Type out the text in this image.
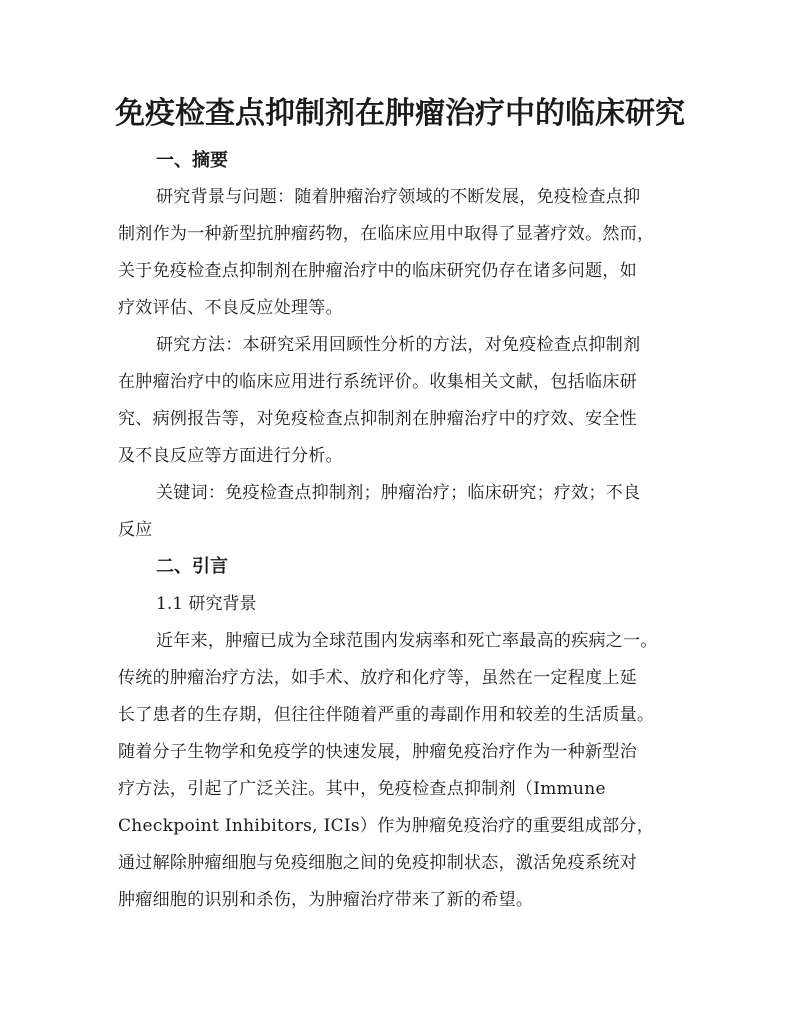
免疫检查点抑制剂在肿瘤治疗中的临床研究
一、摘要
研究背景与问题：随着肿瘤治疗领域的不断发展，免疫检查点抑
制剂作为一种新型抗肿瘤药物，在临床应用中取得了显著疗效。然而，
关于免疫检查点抑制剂在肿瘤治疗中的临床研究仍存在诸多问题，如
疗效评估、不良反应处理等。
研究方法：本研究采用回顾性分析的方法，对免疫检查点抑制剂
在肿瘤治疗中的临床应用进行系统评价。收集相关文献，包括临床研
究、病例报告等，对免疫检查点抑制剂在肿瘤治疗中的疗效、安全性
及不良反应等方面进行分析。
关键词：免疫检查点抑制剂；肿瘤治疗；临床研究；疗效；不良
反应
二、引言
1.1 研究背景
近年来，肿瘤已成为全球范围内发病率和死亡率最高的疾病之一。
传统的肿瘤治疗方法，如手术、放疗和化疗等，虽然在一定程度上延
长了患者的生存期，但往往伴随着严重的毒副作用和较差的生活质量。
随着分子生物学和免疫学的快速发展，肿瘤免疫治疗作为一种新型治
疗方法，引起了广泛关注。其中，免疫检查点抑制剂（Immune
Checkpoint Inhibitors, ICIs）作为肿瘤免疫治疗的重要组成部分，
通过解除肿瘤细胞与免疫细胞之间的免疫抑制状态，激活免疫系统对
肿瘤细胞的识别和杀伤，为肿瘤治疗带来了新的希望。
